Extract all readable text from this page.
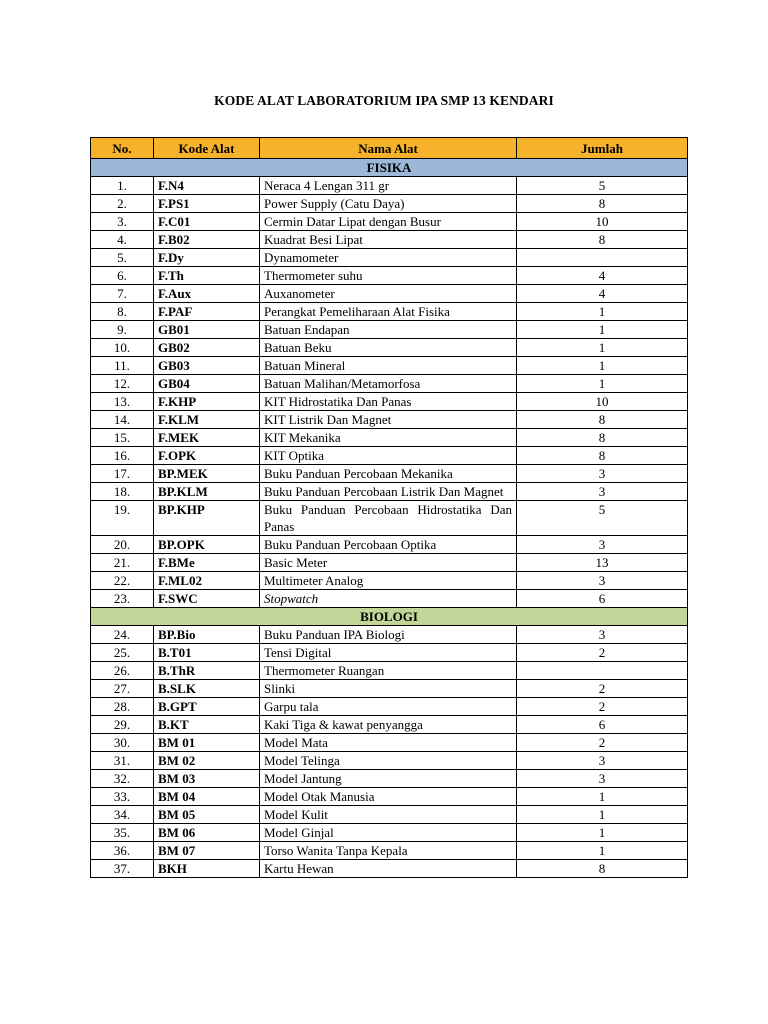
KODE ALAT LABORATORIUM IPA SMP 13 KENDARI
No.	Kode Alat	Nama Alat	Jumlah
FISIKA			
1.	F.N4	Neraca 4 Lengan 311 gr	5
2.	F.PS1	Power Supply (Catu Daya)	8
3.	F.C01	Cermin Datar Lipat dengan Busur	10
4.	F.B02	Kuadrat Besi Lipat	8
5.	F.Dy	Dynamometer	
6.	F.Th	Thermometer suhu	4
7.	F.Aux	Auxanometer	4
8.	F.PAF	Perangkat Pemeliharaan Alat Fisika	1
9.	GB01	Batuan Endapan	1
10.	GB02	Batuan Beku	1
11.	GB03	Batuan Mineral	1
12.	GB04	Batuan Malihan/Metamorfosa	1
13.	F.KHP	KIT Hidrostatika Dan Panas	10
14.	F.KLM	KIT Listrik Dan Magnet	8
15.	F.MEK	KIT Mekanika	8
16.	F.OPK	KIT Optika	8
17.	BP.MEK	Buku Panduan Percobaan Mekanika	3
18.	BP.KLM	Buku Panduan Percobaan Listrik Dan Magnet	3
19.	BP.KHP	Buku Panduan Percobaan Hidrostatika Dan Panas	5
20.	BP.OPK	Buku Panduan Percobaan Optika	3
21.	F.BMe	Basic Meter	13
22.	F.ML02	Multimeter Analog	3
23.	F.SWC	Stopwatch	6
BIOLOGI			
24.	BP.Bio	Buku Panduan IPA Biologi	3
25.	B.T01	Tensi Digital	2
26.	B.ThR	Thermometer Ruangan	
27.	B.SLK	Slinki	2
28.	B.GPT	Garpu tala	2
29.	B.KT	Kaki Tiga & kawat penyangga	6
30.	BM 01	Model Mata	2
31.	BM 02	Model Telinga	3
32.	BM 03	Model Jantung	3
33.	BM 04	Model Otak Manusia	1
34.	BM 05	Model Kulit	1
35.	BM 06	Model Ginjal	1
36.	BM 07	Torso Wanita Tanpa Kepala	1
37.	BKH	Kartu Hewan	8
